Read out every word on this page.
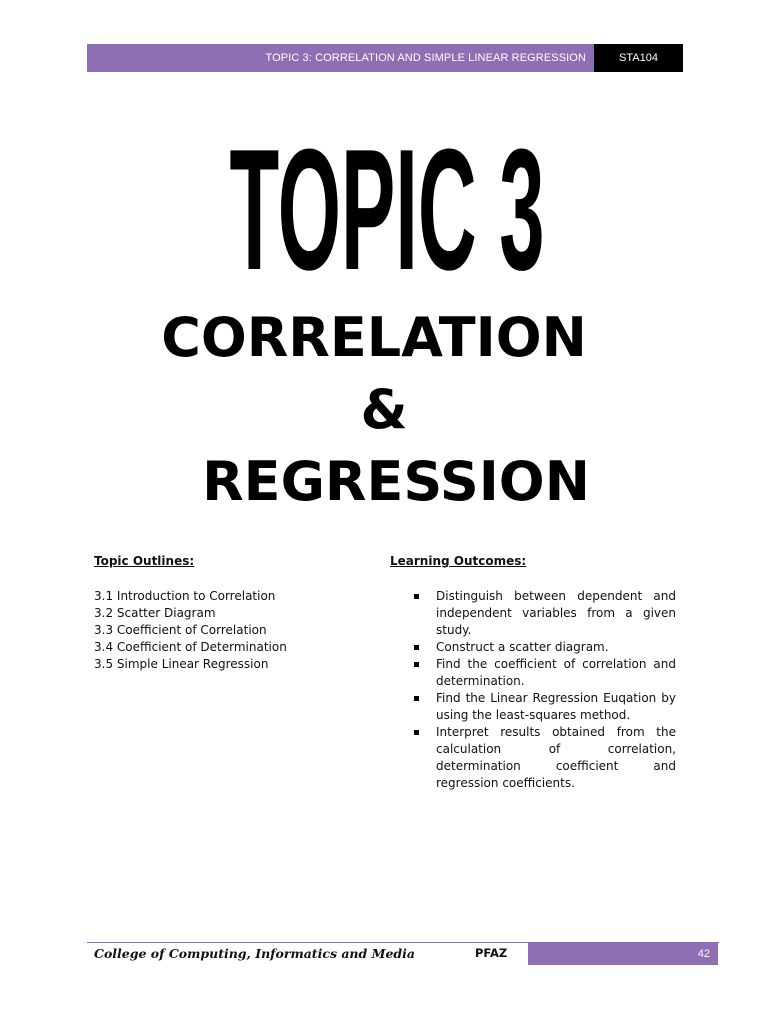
TOPIC 3: CORRELATION AND SIMPLE LINEAR REGRESSION	STA104
TOPIC 3
CORRELATION
&
REGRESSION
Topic Outlines:
3.1 Introduction to Correlation
3.2 Scatter Diagram
3.3 Coefficient of Correlation
3.4 Coefficient of Determination
3.5 Simple Linear Regression
Learning Outcomes:
Distinguish between dependent and independent variables from a given study.
Construct a scatter diagram.
Find the coefficient of correlation and determination.
Find the Linear Regression Euqation by using the least-squares method.
Interpret results obtained from the calculation of correlation, determination coefficient and regression coefficients.
College of Computing, Informatics and Media	PFAZ	42
